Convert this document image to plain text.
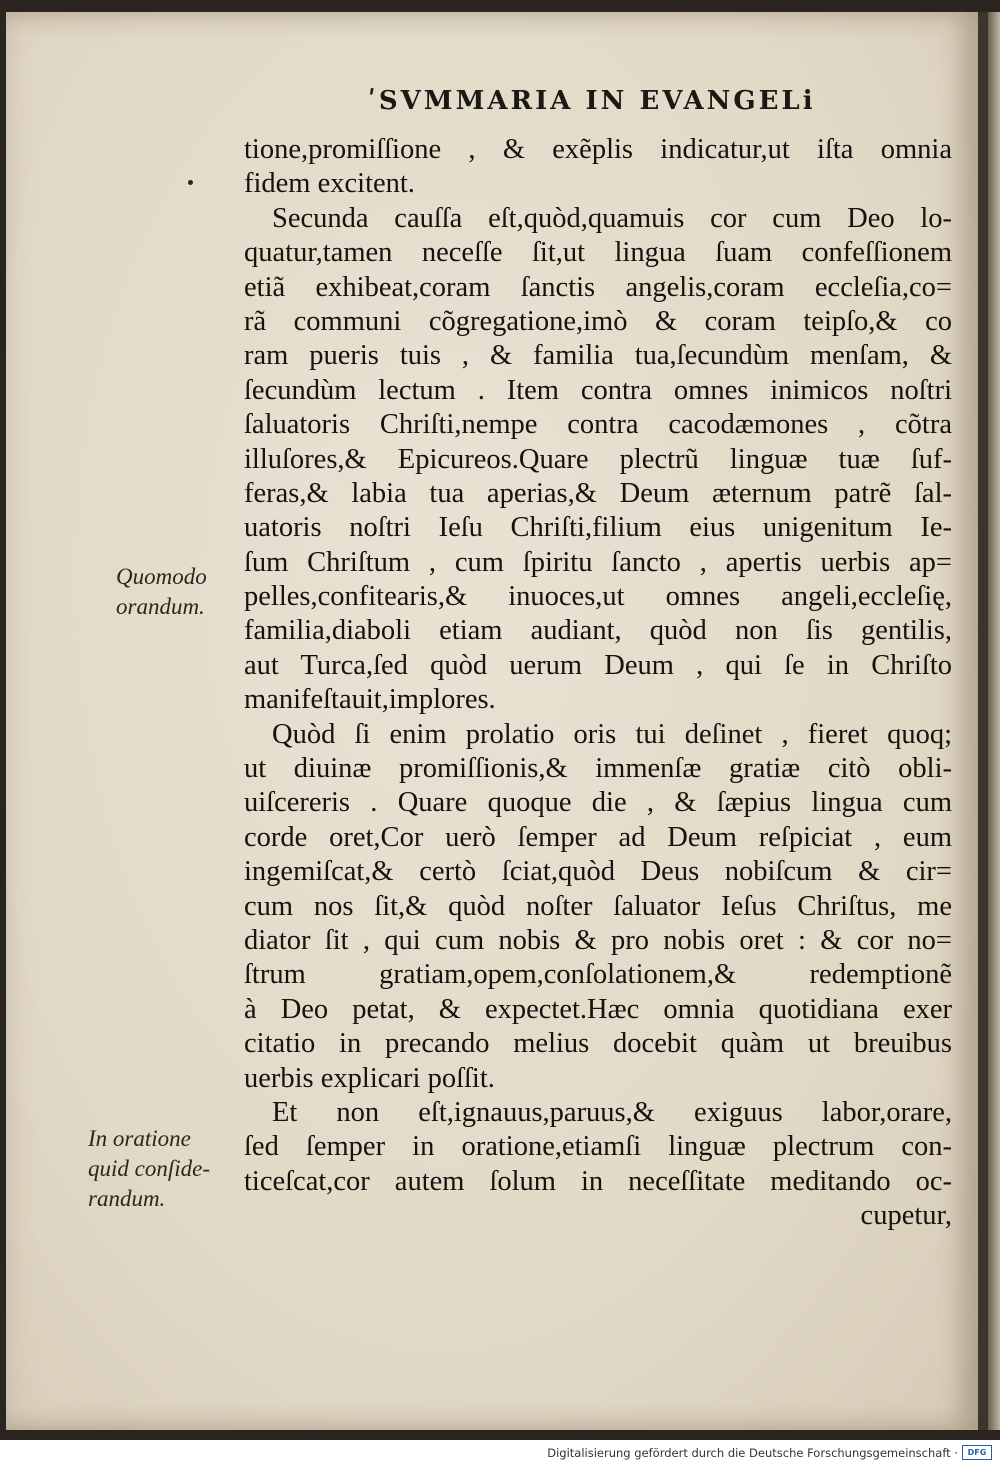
ʹSVMMARIA IN EVANGELi
tione,promiſſione , & exẽplis indicatur,ut iſta omnia
fidem excitent.
Secunda cauſſa eſt,quòd,quamuis cor cum Deo lo-
quatur,tamen neceſſe ſit,ut lingua ſuam confeſſionem
etiã exhibeat,coram ſanctis angelis,coram eccleſia,co=
rã communi cõgregatione,imò & coram teipſo,& co
ram pueris tuis , & familia tua,ſecundùm menſam, &
ſecundùm lectum . Item contra omnes inimicos noſtri
ſaluatoris Chriſti,nempe contra cacodæmones , cõtra
illuſores,& Epicureos.Quare plectrũ linguæ tuæ ſuf-
feras,& labia tua aperias,& Deum æternum patrẽ ſal-
uatoris noſtri Ieſu Chriſti,filium eius unigenitum Ie-
ſum Chriſtum , cum ſpiritu ſancto , apertis uerbis ap=
pelles,confitearis,& inuoces,ut omnes angeli,eccleſię,
familia,diaboli etiam audiant, quòd non ſis gentilis,
aut Turca,ſed quòd uerum Deum , qui ſe in Chriſto
manifeſtauit,implores.
Quòd ſi enim prolatio oris tui deſinet , fieret quoq;
ut diuinæ promiſſionis,& immenſæ gratiæ citò obli-
uiſcereris . Quare quoque die , & ſæpius lingua cum
corde oret,Cor uerò ſemper ad Deum reſpiciat , eum
ingemiſcat,& certò ſciat,quòd Deus nobiſcum & cir=
cum nos ſit,& quòd noſter ſaluator Ieſus Chriſtus, me
diator ſit , qui cum nobis & pro nobis oret : & cor no=
ſtrum gratiam,opem,conſolationem,& redemptionẽ
à Deo petat, & expectet.Hæc omnia quotidiana exer
citatio in precando melius docebit quàm ut breuibus
uerbis explicari poſſit.
Et non eſt,ignauus,paruus,& exiguus labor,orare,
ſed ſemper in oratione,etiamſi linguæ plectrum con-
ticeſcat,cor autem ſolum in neceſſitate meditando oc-
cupetur,
Quomodo
orandum.
In oratione
quid conſide-
randum.
Digitalisierung gefördert durch die Deutsche Forschungsgemeinschaft ·	DFG
